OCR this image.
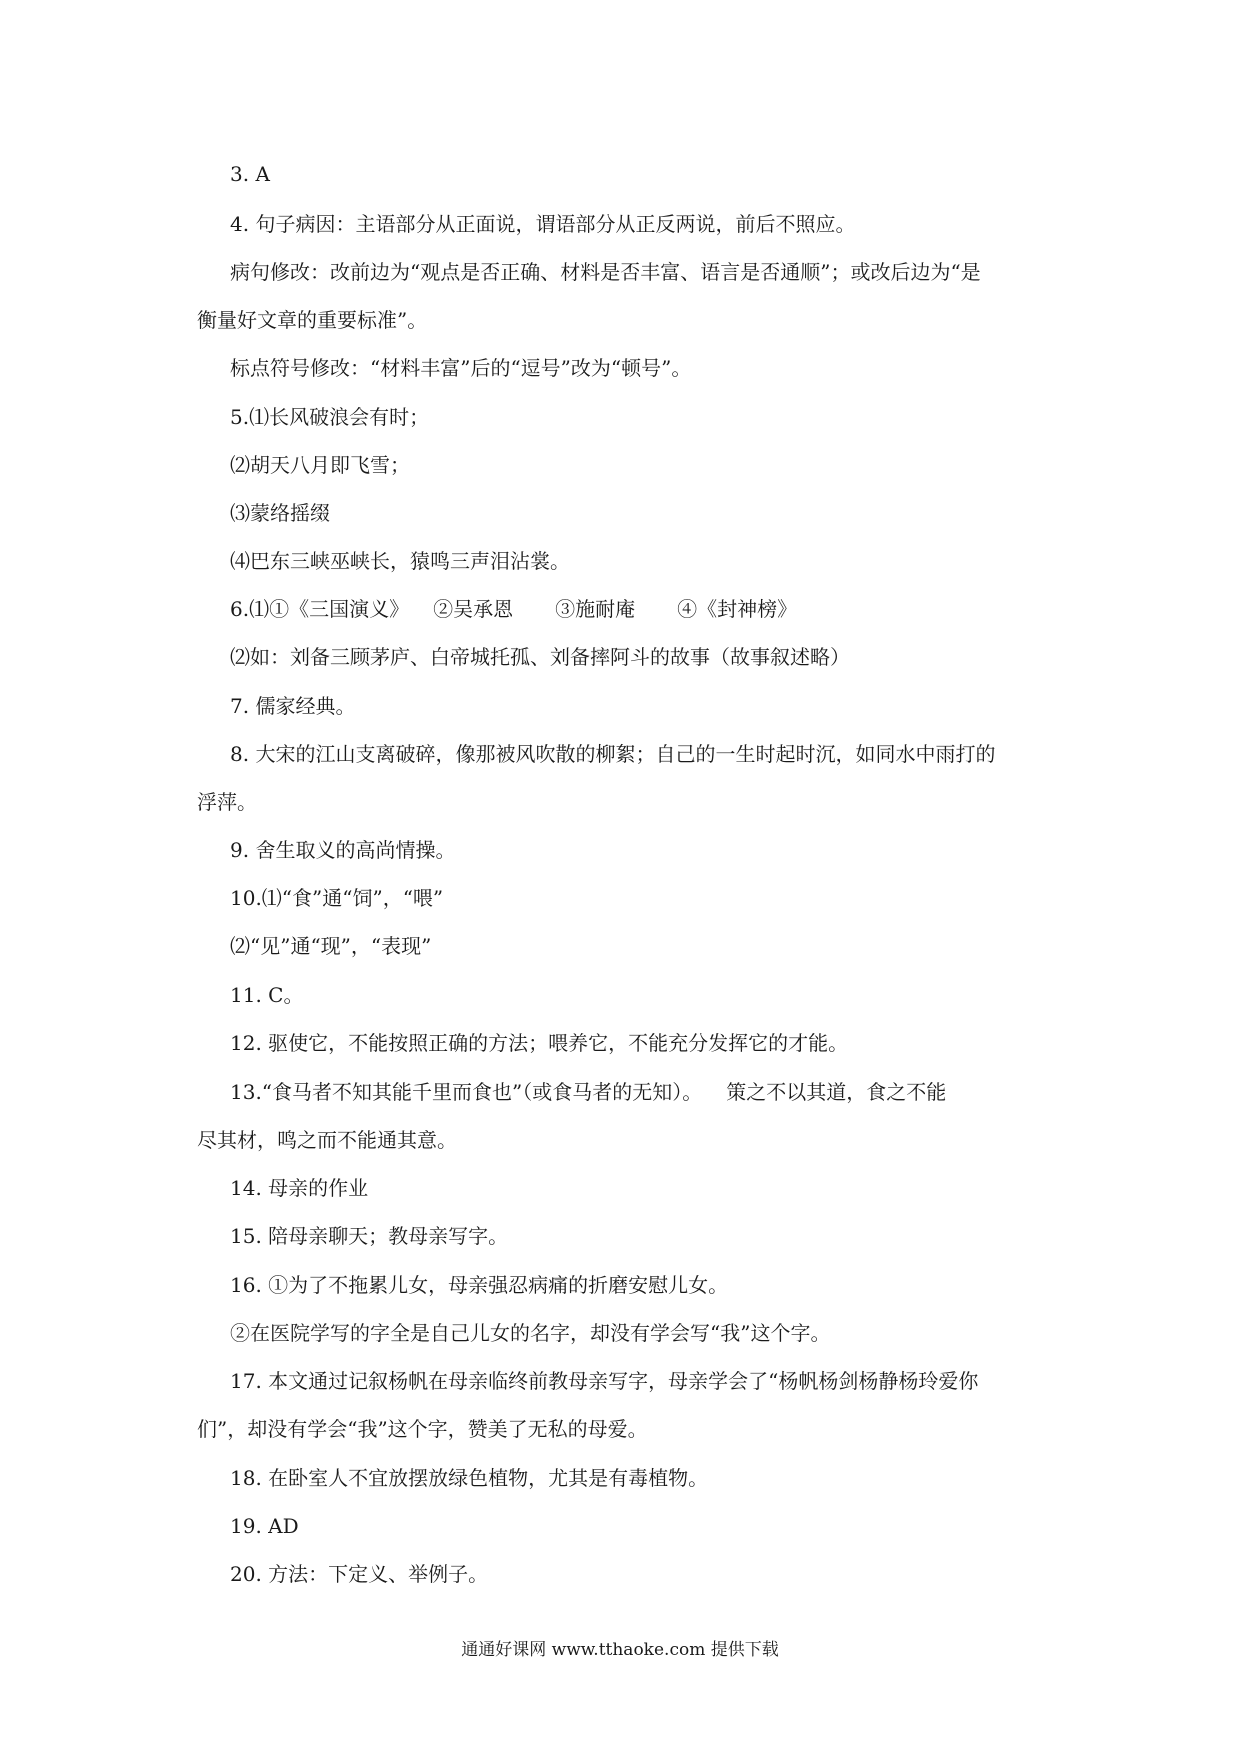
3. A
4. 句子病因：主语部分从正面说，谓语部分从正反两说，前后不照应。
病句修改：改前边为“观点是否正确、材料是否丰富、语言是否通顺”；或改后边为“是
衡量好文章的重要标准”。
标点符号修改：“材料丰富”后的“逗号”改为“顿号”。
5.⑴长风破浪会有时；
⑵胡天八月即飞雪；
⑶蒙络摇缀
⑷巴东三峡巫峡长，猿鸣三声泪沾裳。
6.⑴①《三国演义》 ②吴承恩 ③施耐庵 ④《封神榜》
⑵如：刘备三顾茅庐、白帝城托孤、刘备摔阿斗的故事（故事叙述略）
7. 儒家经典。
8. 大宋的江山支离破碎，像那被风吹散的柳絮；自己的一生时起时沉，如同水中雨打的
浮萍。
9. 舍生取义的高尚情操。
10.⑴“食”通“饲”，“喂”
⑵“见”通“现”，“表现”
11. C。
12. 驱使它，不能按照正确的方法；喂养它，不能充分发挥它的才能。
13.“食马者不知其能千里而食也”（或食马者的无知）。 策之不以其道，食之不能
尽其材，鸣之而不能通其意。
14. 母亲的作业
15. 陪母亲聊天；教母亲写字。
16. ①为了不拖累儿女，母亲强忍病痛的折磨安慰儿女。
②在医院学写的字全是自己儿女的名字，却没有学会写“我”这个字。
17. 本文通过记叙杨帆在母亲临终前教母亲写字，母亲学会了“杨帆杨剑杨静杨玲爱你
们”，却没有学会“我”这个字，赞美了无私的母爱。
18. 在卧室人不宜放摆放绿色植物，尤其是有毒植物。
19. AD
20. 方法：下定义、举例子。
通通好课网 www.tthaoke.com 提供下载
